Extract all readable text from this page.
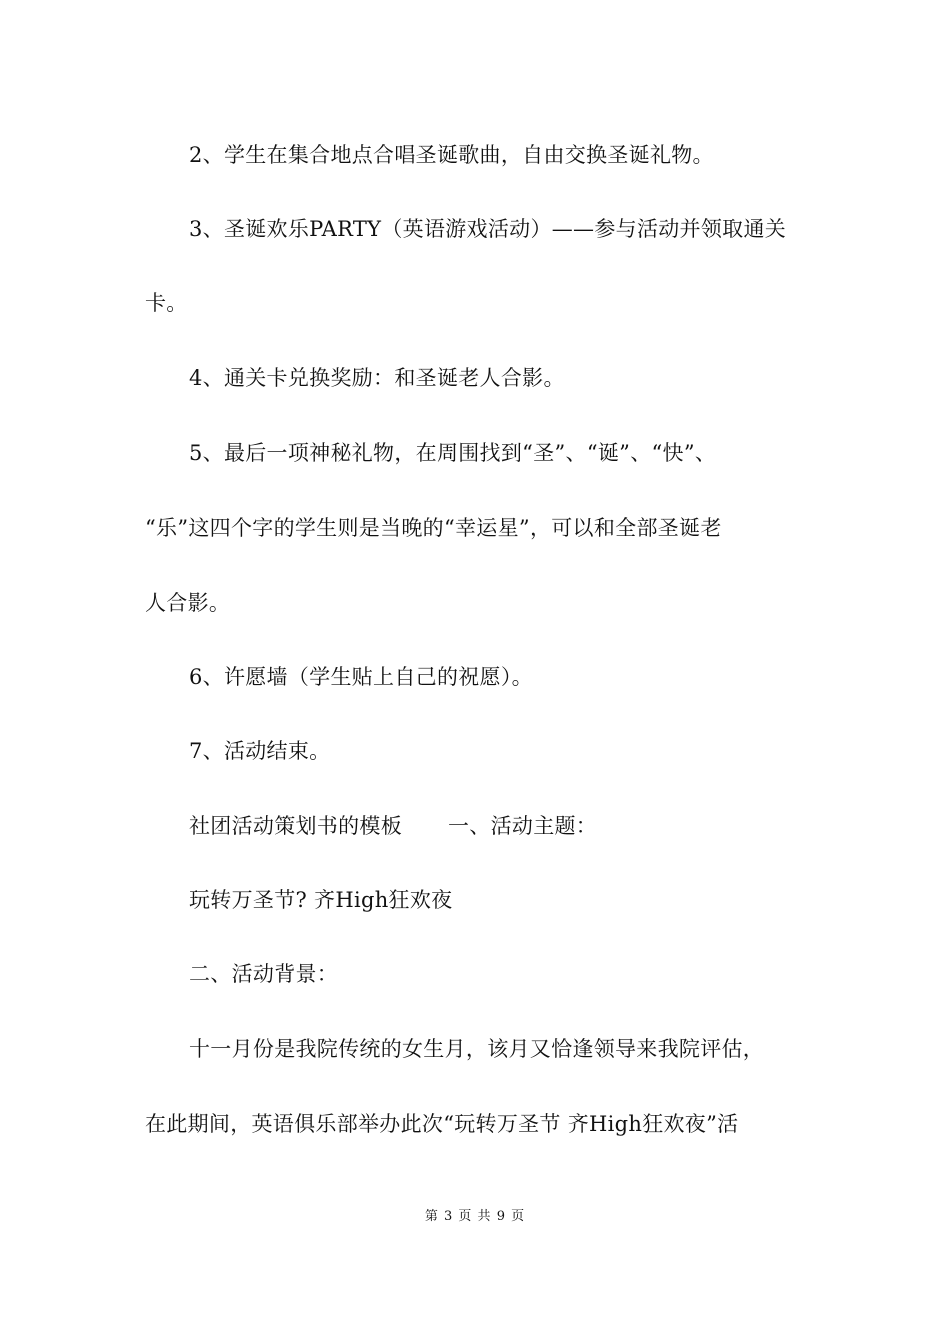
2、学生在集合地点合唱圣诞歌曲，自由交换圣诞礼物。
3、圣诞欢乐PARTY（英语游戏活动）——参与活动并领取通关
卡。
4、通关卡兑换奖励：和圣诞老人合影。
5、最后一项神秘礼物，在周围找到“圣”、“诞”、“快”、
“乐”这四个字的学生则是当晚的“幸运星”，可以和全部圣诞老
人合影。
6、许愿墙（学生贴上自己的祝愿）。
7、活动结束。
社团活动策划书的模板 一、活动主题：
玩转万圣节? 齐High狂欢夜
二、活动背景：
十一月份是我院传统的女生月，该月又恰逢领导来我院评估，
在此期间，英语俱乐部举办此次“玩转万圣节 齐High狂欢夜”活
第 3 页 共 9 页
